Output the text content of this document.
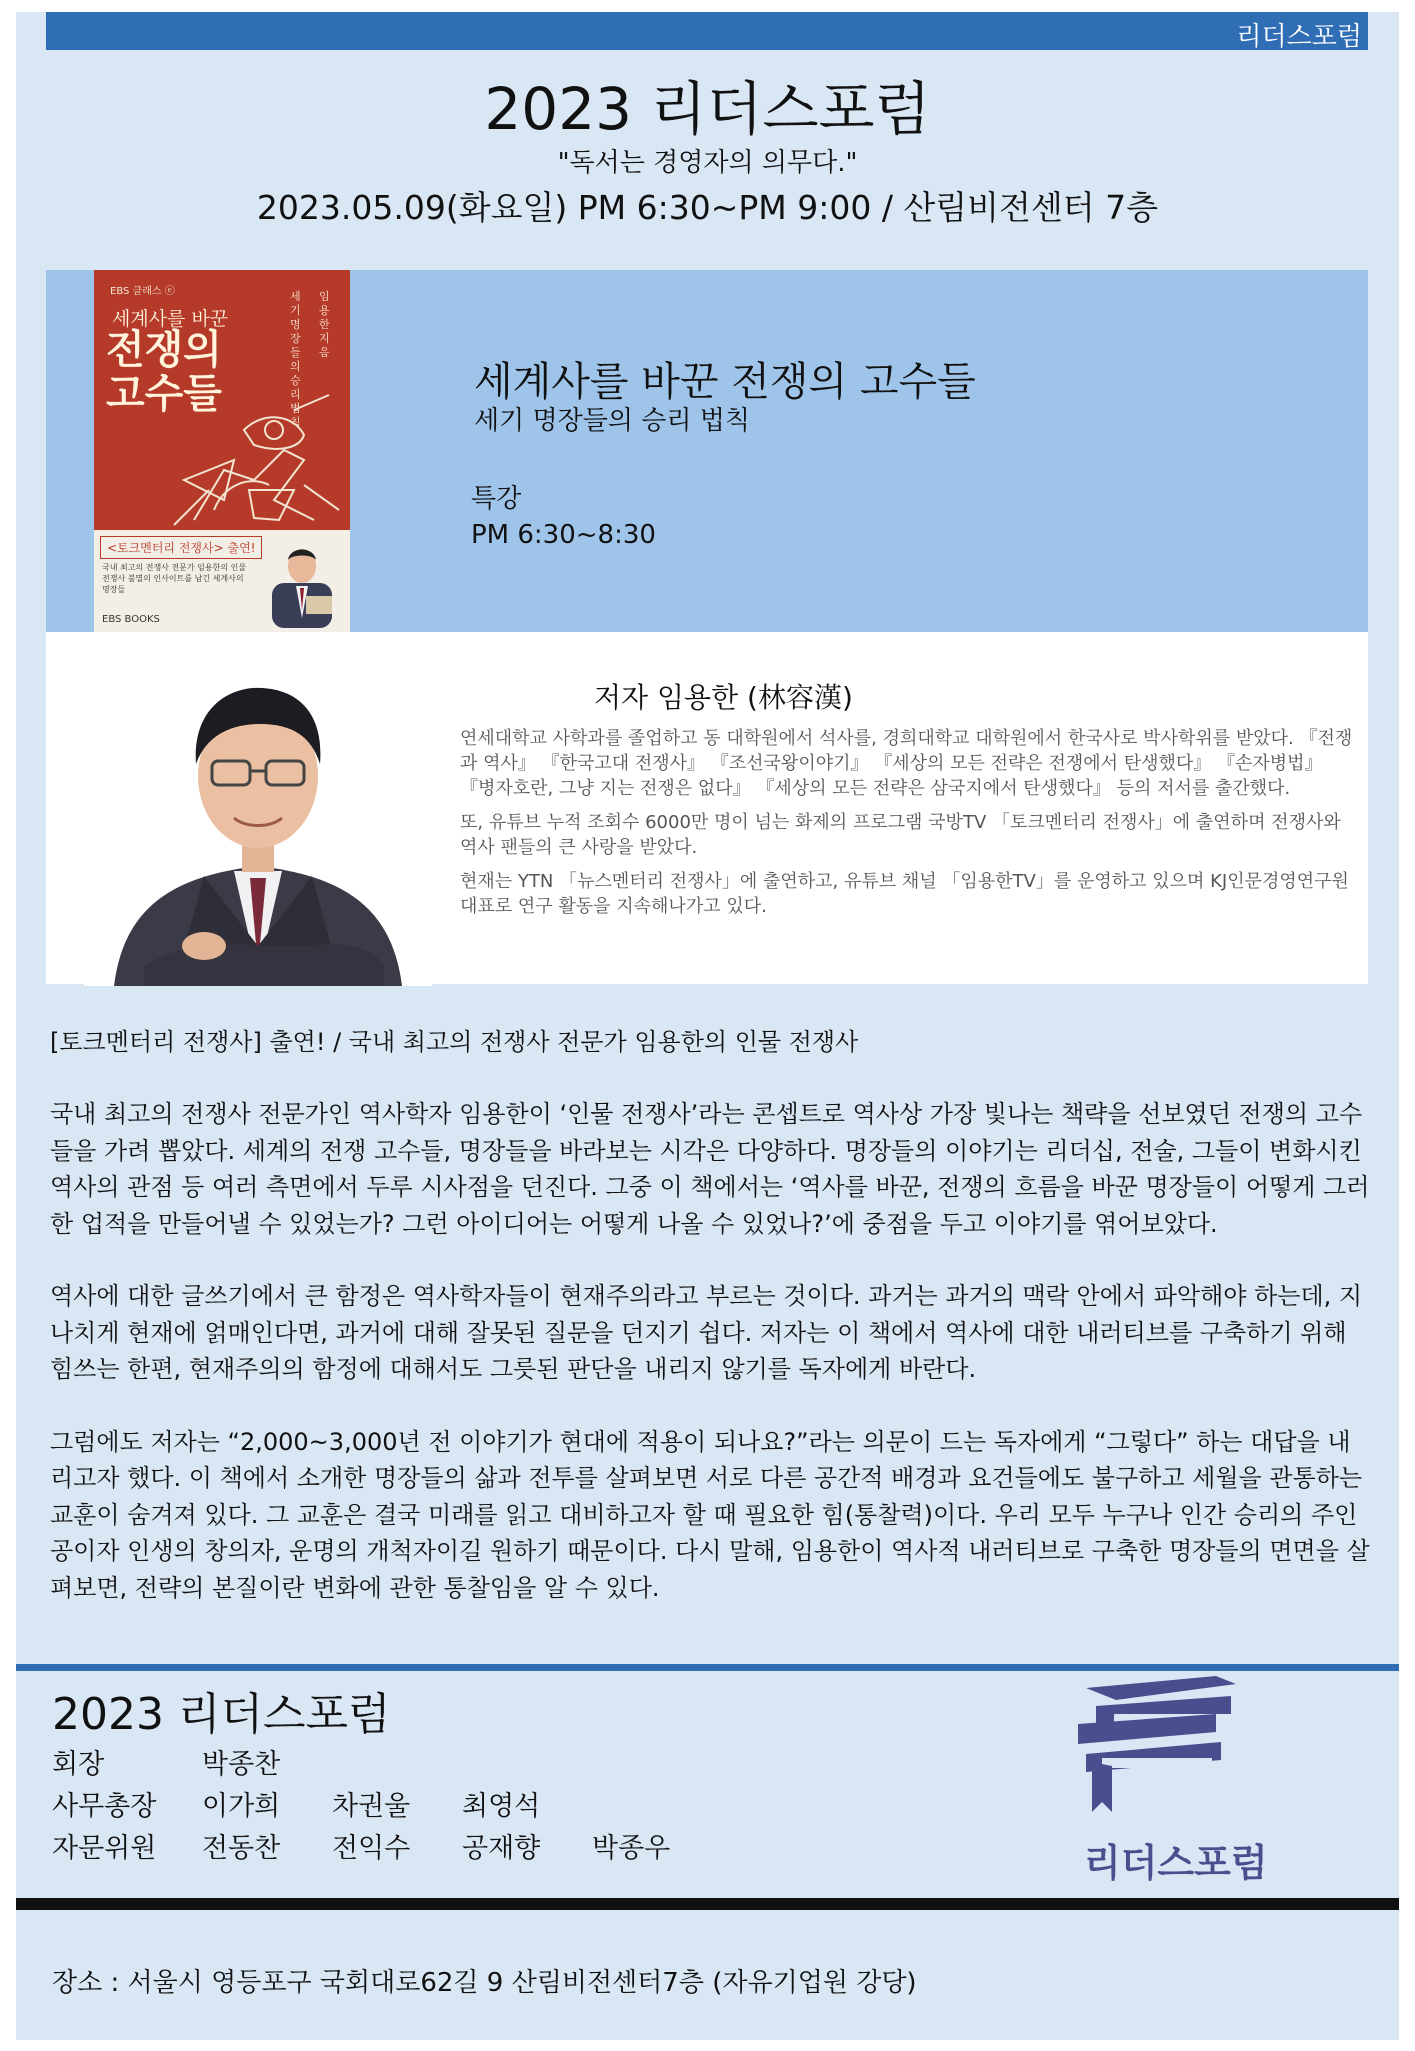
리더스포럼
2023 리더스포럼
"독서는 경영자의 의무다."
2023.05.09(화요일) PM 6:30~PM 9:00 / 산림비전센터 7층
EBS 클래스 ⓔ
세계사를 바꾼
전쟁의
고수들
세기 명장들의 승리 법칙
임용한 지음
<토크멘터리 전쟁사> 출연!
국내 최고의 전쟁사 전문가 임용한의 인물 전쟁사 불멸의 인사이트를 남긴 세계사의 명장들
EBS BOOKS
세계사를 바꾼 전쟁의 고수들
세기 명장들의 승리 법칙
특강
PM 6:30~8:30
저자 임용한 (林容漢)

연세대학교 사학과를 졸업하고 동 대학원에서 석사를, 경희대학교 대학원에서 한국사로 박사학위를 받았다. 『전쟁과 역사』 『한국고대 전쟁사』 『조선국왕이야기』 『세상의 모든 전략은 전쟁에서 탄생했다』 『손자병법』 『병자호란, 그냥 지는 전쟁은 없다』 『세상의 모든 전략은 삼국지에서 탄생했다』 등의 저서를 출간했다.

또, 유튜브 누적 조회수 6000만 명이 넘는 화제의 프로그램 국방TV 「토크멘터리 전쟁사」에 출연하며 전쟁사와 역사 팬들의 큰 사랑을 받았다.

현재는 YTN 「뉴스멘터리 전쟁사」에 출연하고, 유튜브 채널 「임용한TV」를 운영하고 있으며 KJ인문경영연구원 대표로 연구 활동을 지속해나가고 있다.

[토크멘터리 전쟁사] 출연! / 국내 최고의 전쟁사 전문가 임용한의 인물 전쟁사

국내 최고의 전쟁사 전문가인 역사학자 임용한이 ‘인물 전쟁사’라는 콘셉트로 역사상 가장 빛나는 책략을 선보였던 전쟁의 고수들을 가려 뽑았다. 세계의 전쟁 고수들, 명장들을 바라보는 시각은 다양하다. 명장들의 이야기는 리더십, 전술, 그들이 변화시킨 역사의 관점 등 여러 측면에서 두루 시사점을 던진다. 그중 이 책에서는 ‘역사를 바꾼, 전쟁의 흐름을 바꾼 명장들이 어떻게 그러한 업적을 만들어낼 수 있었는가? 그런 아이디어는 어떻게 나올 수 있었나?’에 중점을 두고 이야기를 엮어보았다.

역사에 대한 글쓰기에서 큰 함정은 역사학자들이 현재주의라고 부르는 것이다. 과거는 과거의 맥락 안에서 파악해야 하는데, 지나치게 현재에 얽매인다면, 과거에 대해 잘못된 질문을 던지기 쉽다. 저자는 이 책에서 역사에 대한 내러티브를 구축하기 위해 힘쓰는 한편, 현재주의의 함정에 대해서도 그릇된 판단을 내리지 않기를 독자에게 바란다.

그럼에도 저자는 “2,000~3,000년 전 이야기가 현대에 적용이 되나요?”라는 의문이 드는 독자에게 “그렇다” 하는 대답을 내리고자 했다. 이 책에서 소개한 명장들의 삶과 전투를 살펴보면 서로 다른 공간적 배경과 요건들에도 불구하고 세월을 관통하는 교훈이 숨겨져 있다. 그 교훈은 결국 미래를 읽고 대비하고자 할 때 필요한 힘(통찰력)이다. 우리 모두 누구나 인간 승리의 주인공이자 인생의 창의자, 운명의 개척자이길 원하기 때문이다. 다시 말해, 임용한이 역사적 내러티브로 구축한 명장들의 면면을 살펴보면, 전략의 본질이란 변화에 관한 통찰임을 알 수 있다.

2023 리더스포럼
회장	박종찬
사무총장 이가희 차권울 최영석
자문위원 전동찬 전익수 공재향 박종우	리더스포럼
장소 : 서울시 영등포구 국회대로62길 9 산림비전센터7층 (자유기업원 강당)
